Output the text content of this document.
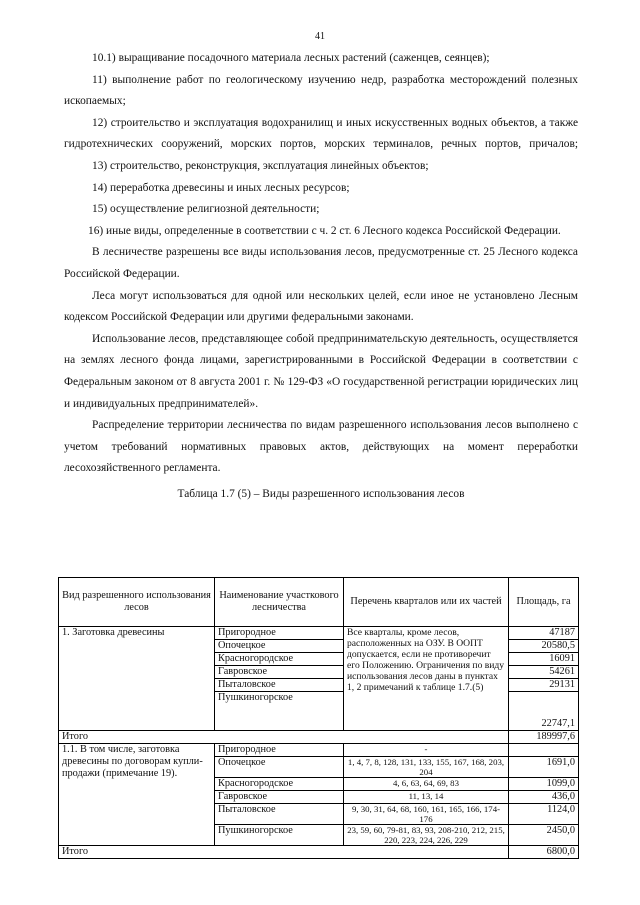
41

10.1) выращивание посадочного материала лесных растений (саженцев, сеянцев);

11) выполнение работ по геологическому изучению недр, разработка месторождений полезных ископаемых;

12) строительство и эксплуатация водохранилищ и иных искусственных водных объектов, а также гидротехнических сооружений, морских портов, морских терминалов, речных портов, причалов;

13) строительство, реконструкция, эксплуатация линейных объектов;

14) переработка древесины и иных лесных ресурсов;

15) осуществление религиозной деятельности;

16) иные виды, определенные в соответствии с ч. 2 ст. 6 Лесного кодекса Российской Федерации.

В лесничестве разрешены все виды использования лесов, предусмотренные ст. 25 Лесного кодекса Российской Федерации.

Леса могут использоваться для одной или нескольких целей, если иное не установлено Лесным кодексом Российской Федерации или другими федеральными законами.

Использование лесов, представляющее собой предпринимательскую деятельность, осуществляется на землях лесного фонда лицами, зарегистрированными в Российской Федерации в соответствии с Федеральным законом от 8 августа 2001 г. № 129-ФЗ «О государственной регистрации юридических лиц и индивидуальных предпринимателей».

Распределение территории лесничества по видам разрешенного использования лесов выполнено с учетом требований нормативных правовых актов, действующих на момент переработки лесохозяйственного регламента.

Таблица 1.7 (5) – Виды разрешенного использования лесов

Вид разрешенного использования лесов	Наименование участкового лесничества	Перечень кварталов или их частей	Площадь, га
1. Заготовка древесины	Пригородное	Все кварталы, кроме лесов, расположенных на ОЗУ. В ООПТ допускается, если не противоречит его Положению. Ограничения по виду использования лесов даны в пунктах 1, 2 примечаний к таблице 1.7.(5)	47187
	Опочецкое		20580,5
	Красногородское		16091
	Гавровское		54261
	Пыталовское		29131
	Пушкиногорское		22747,1
Итого			189997,6
1.1. В том числе, заготовка древесины по договорам купли-продажи (примечание 19).	Пригородное	-	
	Опочецкое	1, 4, 7, 8, 128, 131, 133, 155, 167, 168, 203, 204	1691,0
	Красногородское	4, 6, 63, 64, 69, 83	1099,0
	Гавровское	11, 13, 14	436,0
	Пыталовское	9, 30, 31, 64, 68, 160, 161, 165, 166, 174-176	1124,0
	Пушкиногорское	23, 59, 60, 79-81, 83, 93, 208-210, 212, 215, 220, 223, 224, 226, 229	2450,0
Итого			6800,0
